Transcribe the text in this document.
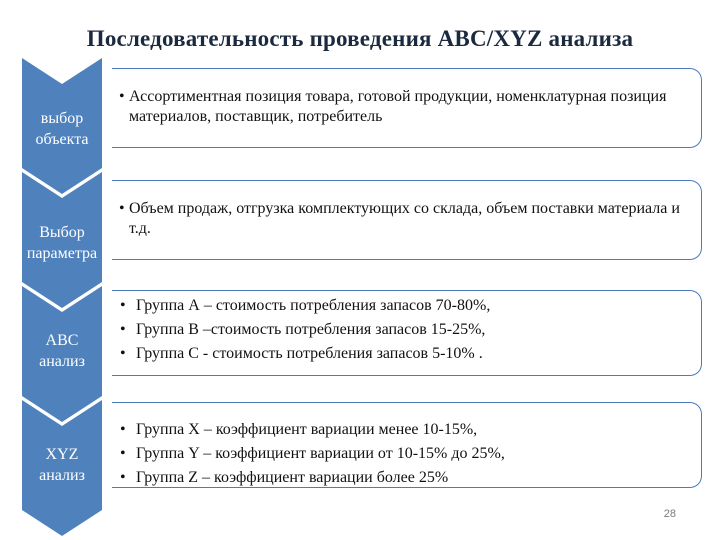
Последовательность проведения ABC/XYZ анализа
выбор
объекта
Выбор
параметра
ABC
анализ
XYZ
анализ
• Ассортиментная позиция товара, готовой продукции, номенклатурная позиция материалов, поставщик, потребитель
• Объем продаж, отгрузка комплектующих со склада, объем поставки материала и т.д.
• Группа А – стоимость потребления запасов 70-80%,
• Группа В –стоимость потребления запасов 15-25%,
• Группа С - стоимость потребления запасов 5-10% .
• Группа X – коэффициент вариации менее 10-15%,
• Группа Y – коэффициент вариации от 10-15% до 25%,
• Группа Z – коэффициент вариации более 25%
28
